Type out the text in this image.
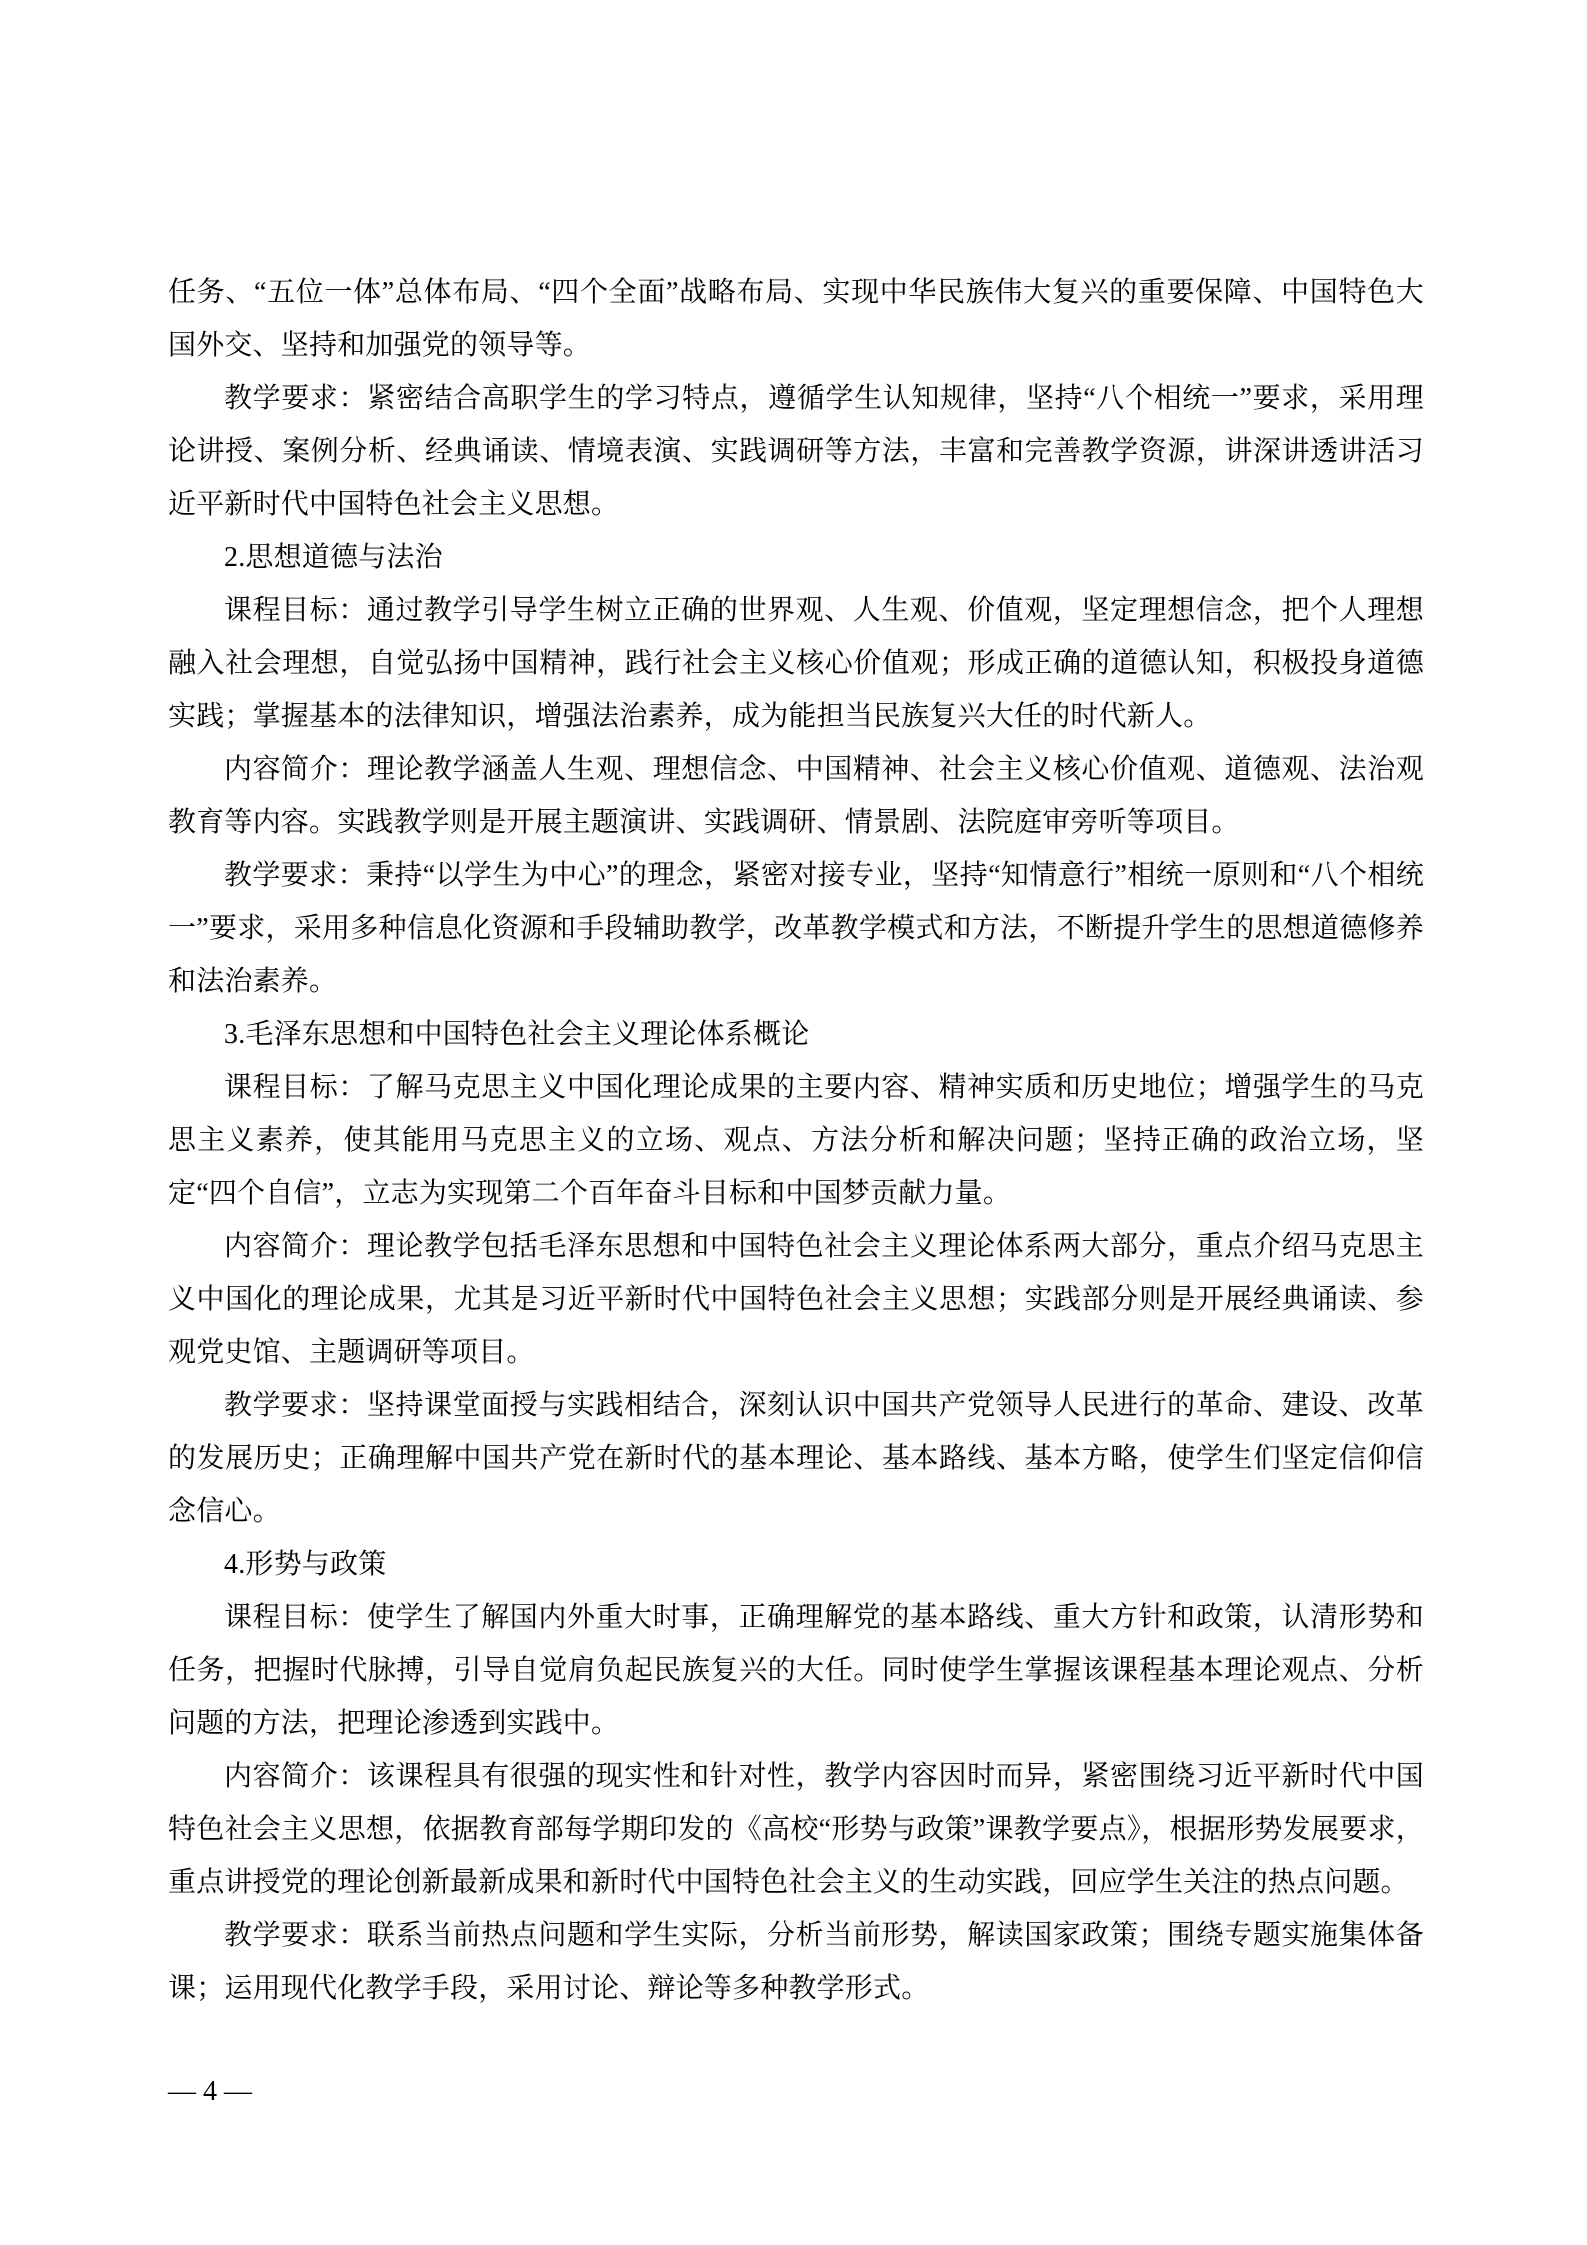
任务、“五位一体”总体布局、“四个全面”战略布局、实现中华民族伟大复兴的重要保障、中国特色大国外交、坚持和加强党的领导等。

教学要求：紧密结合高职学生的学习特点，遵循学生认知规律，坚持“八个相统一”要求，采用理论讲授、案例分析、经典诵读、情境表演、实践调研等方法，丰富和完善教学资源，讲深讲透讲活习近平新时代中国特色社会主义思想。

2.思想道德与法治

课程目标：通过教学引导学生树立正确的世界观、人生观、价值观，坚定理想信念，把个人理想融入社会理想，自觉弘扬中国精神，践行社会主义核心价值观；形成正确的道德认知，积极投身道德实践；掌握基本的法律知识，增强法治素养，成为能担当民族复兴大任的时代新人。

内容简介：理论教学涵盖人生观、理想信念、中国精神、社会主义核心价值观、道德观、法治观教育等内容。实践教学则是开展主题演讲、实践调研、情景剧、法院庭审旁听等项目。

教学要求：秉持“以学生为中心”的理念，紧密对接专业，坚持“知情意行”相统一原则和“八个相统一”要求，采用多种信息化资源和手段辅助教学，改革教学模式和方法，不断提升学生的思想道德修养和法治素养。

3.毛泽东思想和中国特色社会主义理论体系概论

课程目标：了解马克思主义中国化理论成果的主要内容、精神实质和历史地位；增强学生的马克思主义素养，使其能用马克思主义的立场、观点、方法分析和解决问题；坚持正确的政治立场，坚定“四个自信”，立志为实现第二个百年奋斗目标和中国梦贡献力量。

内容简介：理论教学包括毛泽东思想和中国特色社会主义理论体系两大部分，重点介绍马克思主义中国化的理论成果，尤其是习近平新时代中国特色社会主义思想；实践部分则是开展经典诵读、参观党史馆、主题调研等项目。

教学要求：坚持课堂面授与实践相结合，深刻认识中国共产党领导人民进行的革命、建设、改革的发展历史；正确理解中国共产党在新时代的基本理论、基本路线、基本方略，使学生们坚定信仰信念信心。

4.形势与政策

课程目标：使学生了解国内外重大时事，正确理解党的基本路线、重大方针和政策，认清形势和任务，把握时代脉搏，引导自觉肩负起民族复兴的大任。同时使学生掌握该课程基本理论观点、分析问题的方法，把理论渗透到实践中。

内容简介：该课程具有很强的现实性和针对性，教学内容因时而异，紧密围绕习近平新时代中国特色社会主义思想，依据教育部每学期印发的《高校“形势与政策”课教学要点》，根据形势发展要求，重点讲授党的理论创新最新成果和新时代中国特色社会主义的生动实践，回应学生关注的热点问题。

教学要求：联系当前热点问题和学生实际，分析当前形势，解读国家政策；围绕专题实施集体备课；运用现代化教学手段，采用讨论、辩论等多种教学形式。

— 4 —
